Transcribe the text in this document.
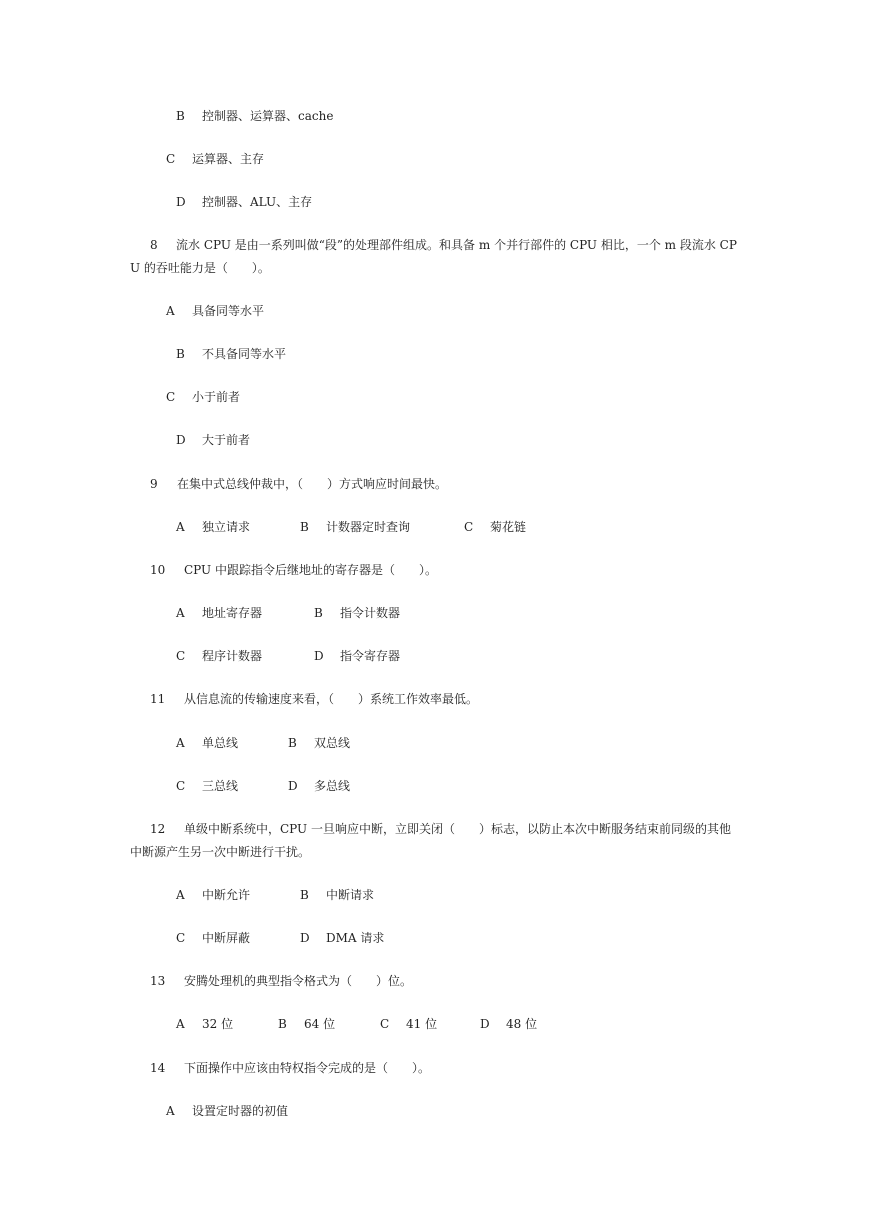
B 控制器、运算器、cache
C 运算器、主存
D 控制器、ALU、主存
8	流水 CPU 是由一系列叫做“段”的处理部件组成。和具备 m 个并行部件的 CPU 相比，一个 m 段流水 CPU 的吞吐能力是（　　）。
A 具备同等水平
B 不具备同等水平
C 小于前者
D 大于前者
9 在集中式总线仲裁中，（　　）方式响应时间最快。
A 独立请求	B 计数器定时查询	C 菊花链
10 CPU 中跟踪指令后继地址的寄存器是（　　）。
A 地址寄存器	B 指令计数器
C 程序计数器	D 指令寄存器
11 从信息流的传输速度来看，（　　）系统工作效率最低。
A 单总线	B 双总线
C 三总线	D 多总线
12	单级中断系统中，CPU 一旦响应中断，立即关闭（　　）标志，以防止本次中断服务结束前同级的其他中断源产生另一次中断进行干扰。
A 中断允许	B 中断请求
C 中断屏蔽	D DMA 请求
13 安腾处理机的典型指令格式为（　　）位。
A 32 位	B 64 位	C 41 位	D 48 位
14 下面操作中应该由特权指令完成的是（　　）。
A 设置定时器的初值
